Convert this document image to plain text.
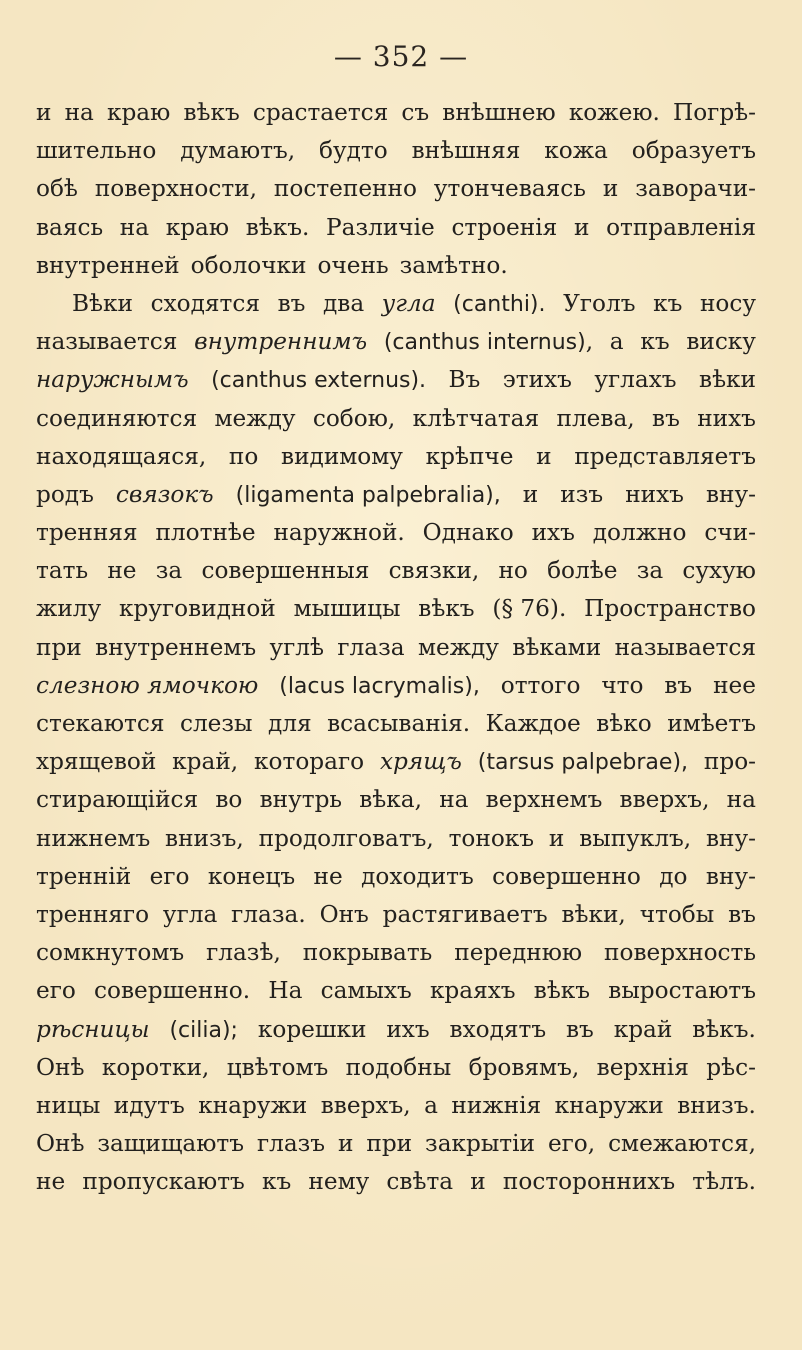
— 352 —
и на краю вѣкъ срастается съ внѣшнею кожею. Погрѣ-
шительно думаютъ, будто внѣшняя кожа образуетъ
обѣ поверхности, постепенно утончеваясь и заворачи-
ваясь на краю вѣкъ. Различіе строенія и отправленія
внутренней оболочки очень замѣтно.
Вѣки сходятся въ два угла (canthi). Уголъ къ носу
называется внутреннимъ (canthus internus), а къ виску
наружнымъ (canthus externus). Въ этихъ углахъ вѣки
соединяются между собою, клѣтчатая плева, въ нихъ
находящаяся, по видимому крѣпче и представляетъ
родъ связокъ (ligamenta palpebralia), и изъ нихъ вну-
тренняя плотнѣе наружной. Однако ихъ должно счи-
тать не за совершенныя связки, но болѣе за сухую
жилу круговидной мышицы вѣкъ (§ 76). Пространство
при внутреннемъ углѣ глаза между вѣками называется
слезною ямочкою (lacus lacrymalis), оттого что въ нее
стекаются слезы для всасыванія. Каждое вѣко имѣетъ
хрящевой край, котораго хрящъ (tarsus palpebrae), про-
стирающійся во внутрь вѣка, на верхнемъ вверхъ, на
нижнемъ внизъ, продолговатъ, тонокъ и выпуклъ, вну-
тренній его конецъ не доходитъ совершенно до вну-
тренняго угла глаза. Онъ растягиваетъ вѣки, чтобы въ
сомкнутомъ глазѣ, покрывать переднюю поверхность
его совершенно. На самыхъ краяхъ вѣкъ выростаютъ
рѣсницы (cilia); корешки ихъ входятъ въ край вѣкъ.
Онѣ коротки, цвѣтомъ подобны бровямъ, верхнія рѣс-
ницы идутъ кнаружи вверхъ, а нижнія кнаружи внизъ.
Онѣ защищаютъ глазъ и при закрытіи его, смежаются,
не пропускаютъ къ нему свѣта и постороннихъ тѣлъ.
